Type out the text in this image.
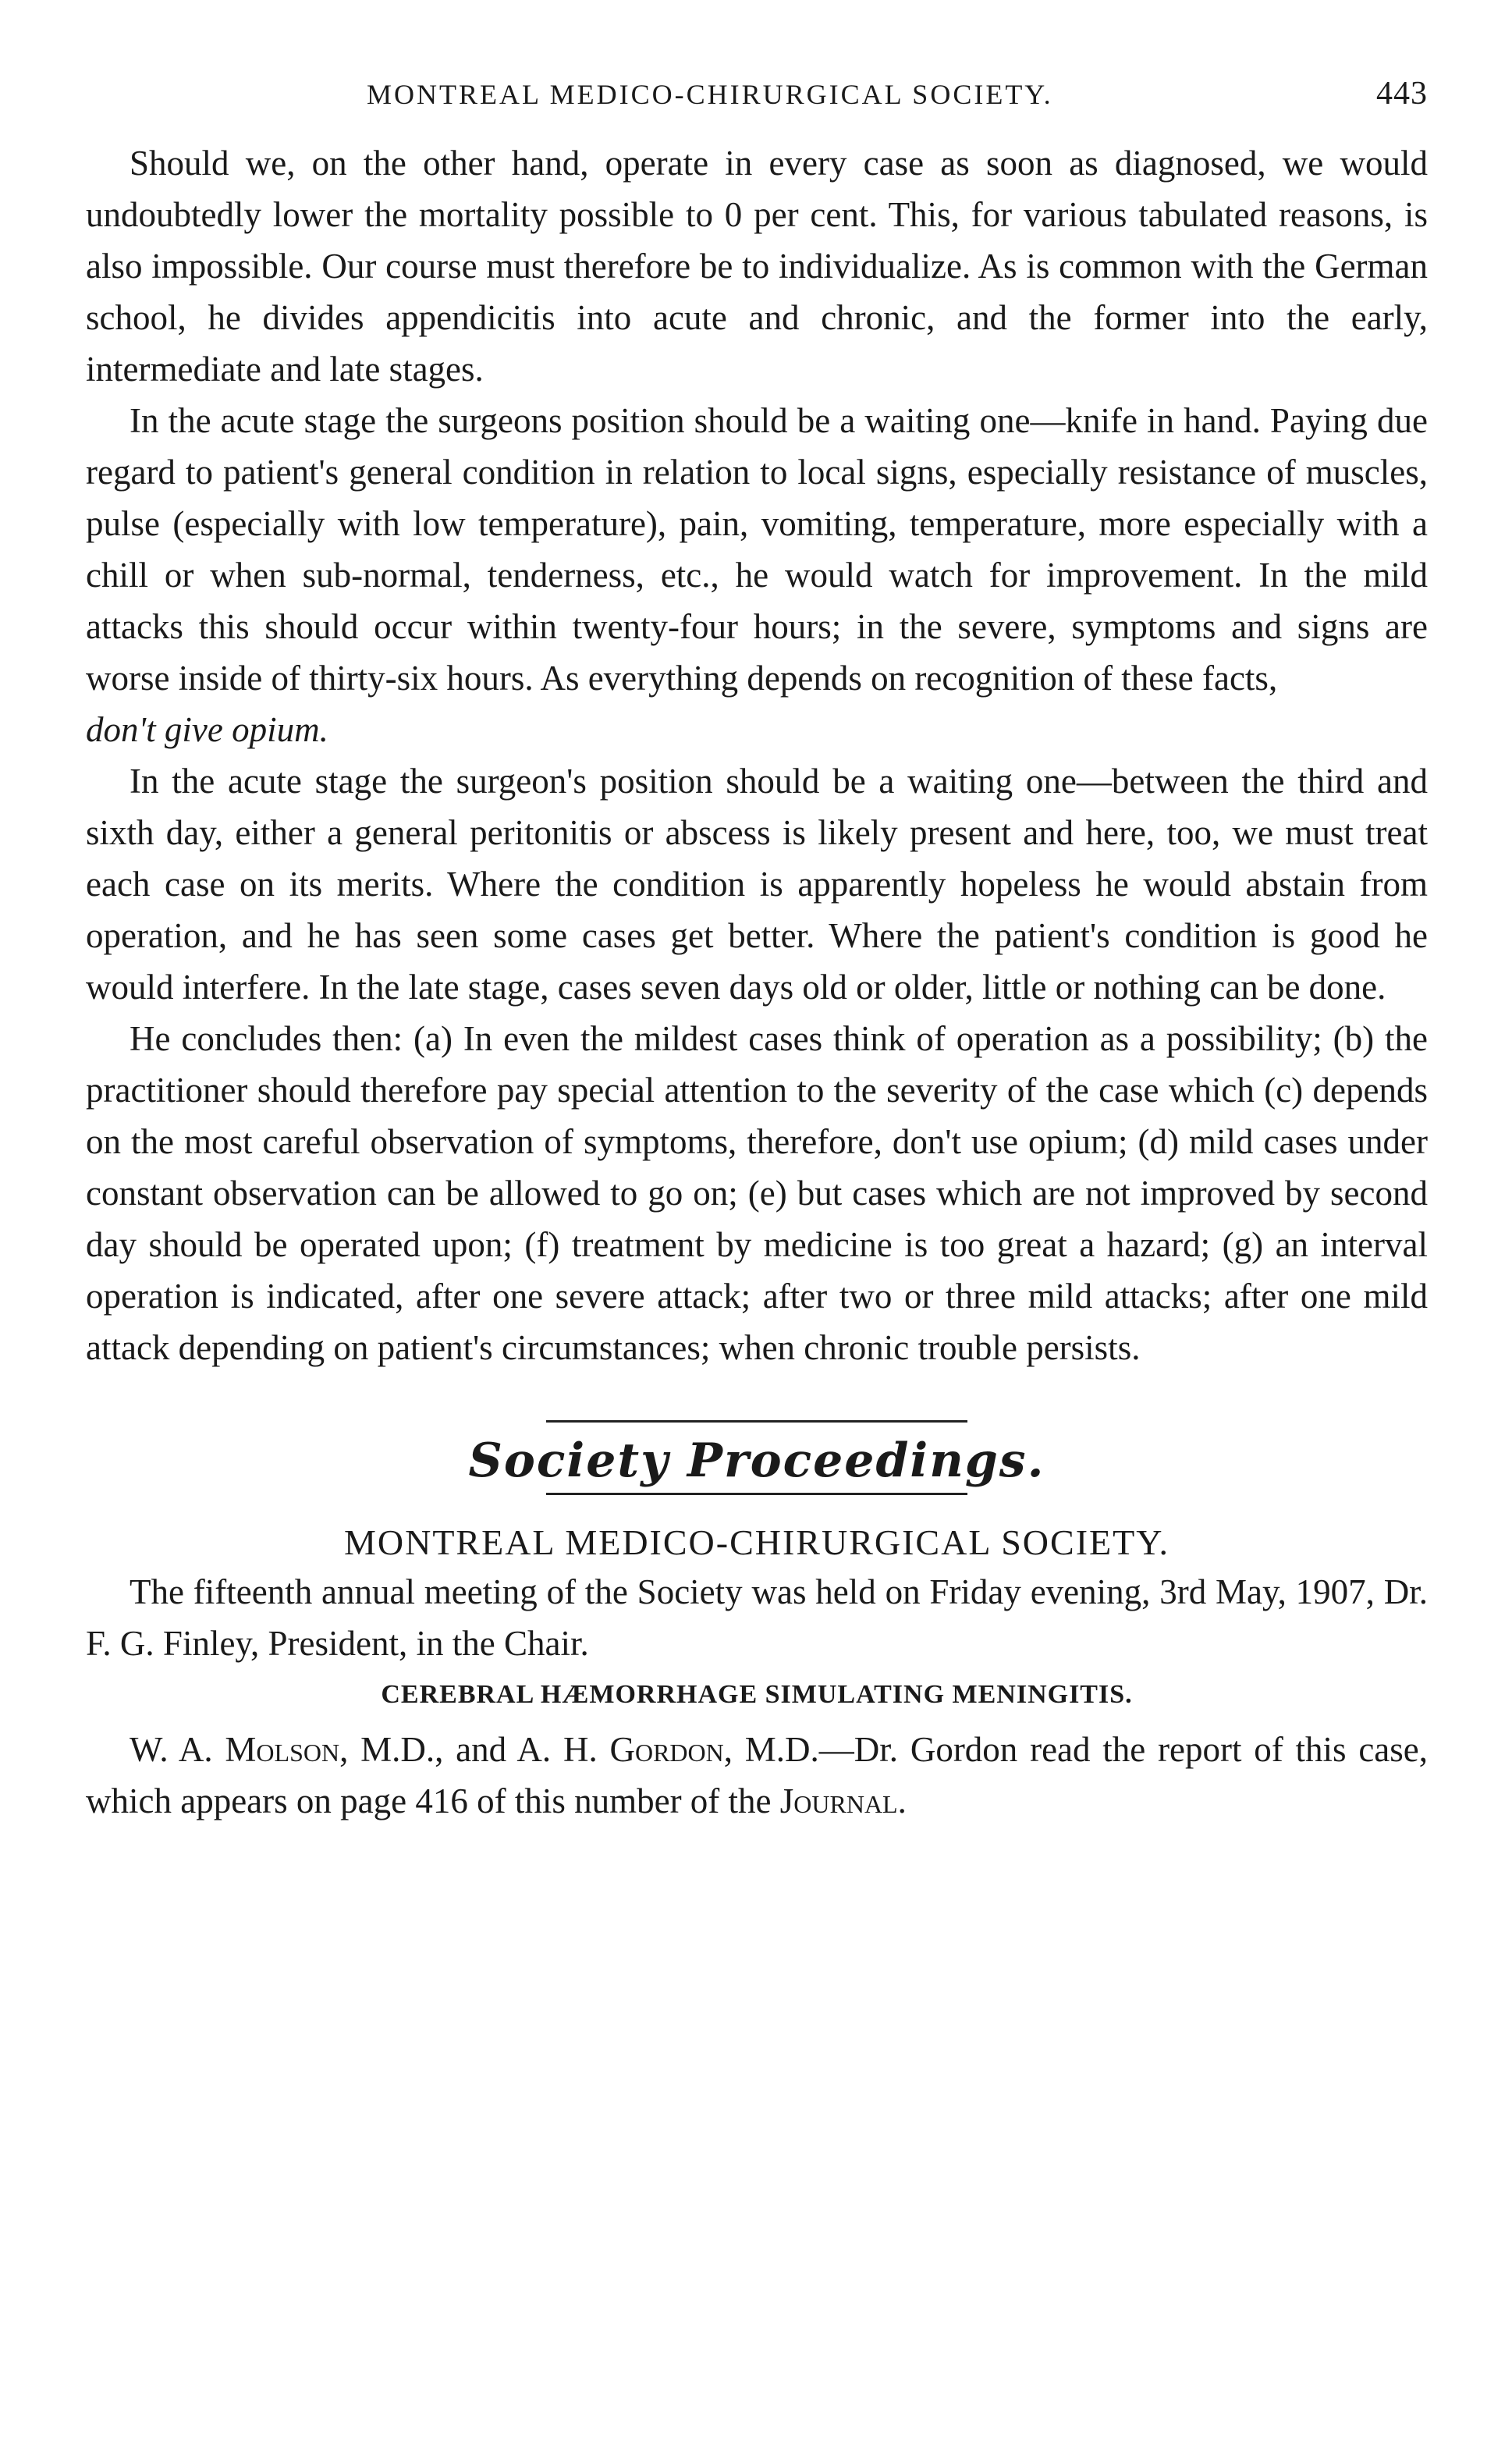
MONTREAL MEDICO-CHIRURGICAL SOCIETY.	443

Should we, on the other hand, operate in every case as soon as diagnosed, we would undoubtedly lower the mortality possible to 0 per cent. This, for various tabulated reasons, is also impossible. Our course must therefore be to individualize. As is common with the German school, he divides appendicitis into acute and chronic, and the former into the early, intermediate and late stages.

In the acute stage the surgeons position should be a waiting one—knife in hand. Paying due regard to patient's general condition in relation to local signs, especially resistance of muscles, pulse (especially with low temperature), pain, vomiting, temperature, more especially with a chill or when sub-normal, tenderness, etc., he would watch for improvement. In the mild attacks this should occur within twenty-four hours; in the severe, symptoms and signs are worse inside of thirty-six hours. As everything depends on recognition of these facts,
don't give opium.

In the acute stage the surgeon's position should be a waiting one—between the third and sixth day, either a general peritonitis or abscess is likely present and here, too, we must treat each case on its merits. Where the condition is apparently hopeless he would abstain from operation, and he has seen some cases get better. Where the patient's condition is good he would interfere. In the late stage, cases seven days old or older, little or nothing can be done.

He concludes then: (a) In even the mildest cases think of operation as a possibility; (b) the practitioner should therefore pay special attention to the severity of the case which (c) depends on the most careful observation of symptoms, therefore, don't use opium; (d) mild cases under constant observation can be allowed to go on; (e) but cases which are not improved by second day should be operated upon; (f) treatment by medicine is too great a hazard; (g) an interval operation is indicated, after one severe attack; after two or three mild attacks; after one mild attack depending on patient's circumstances; when chronic trouble persists.

Society Proceedings.
MONTREAL MEDICO-CHIRURGICAL SOCIETY.

The fifteenth annual meeting of the Society was held on Friday evening, 3rd May, 1907, Dr. F. G. Finley, President, in the Chair.

CEREBRAL HÆMORRHAGE SIMULATING MENINGITIS.

W. A. Molson, M.D., and A. H. Gordon, M.D.—Dr. Gordon read the report of this case, which appears on page 416 of this number of the Journal.
